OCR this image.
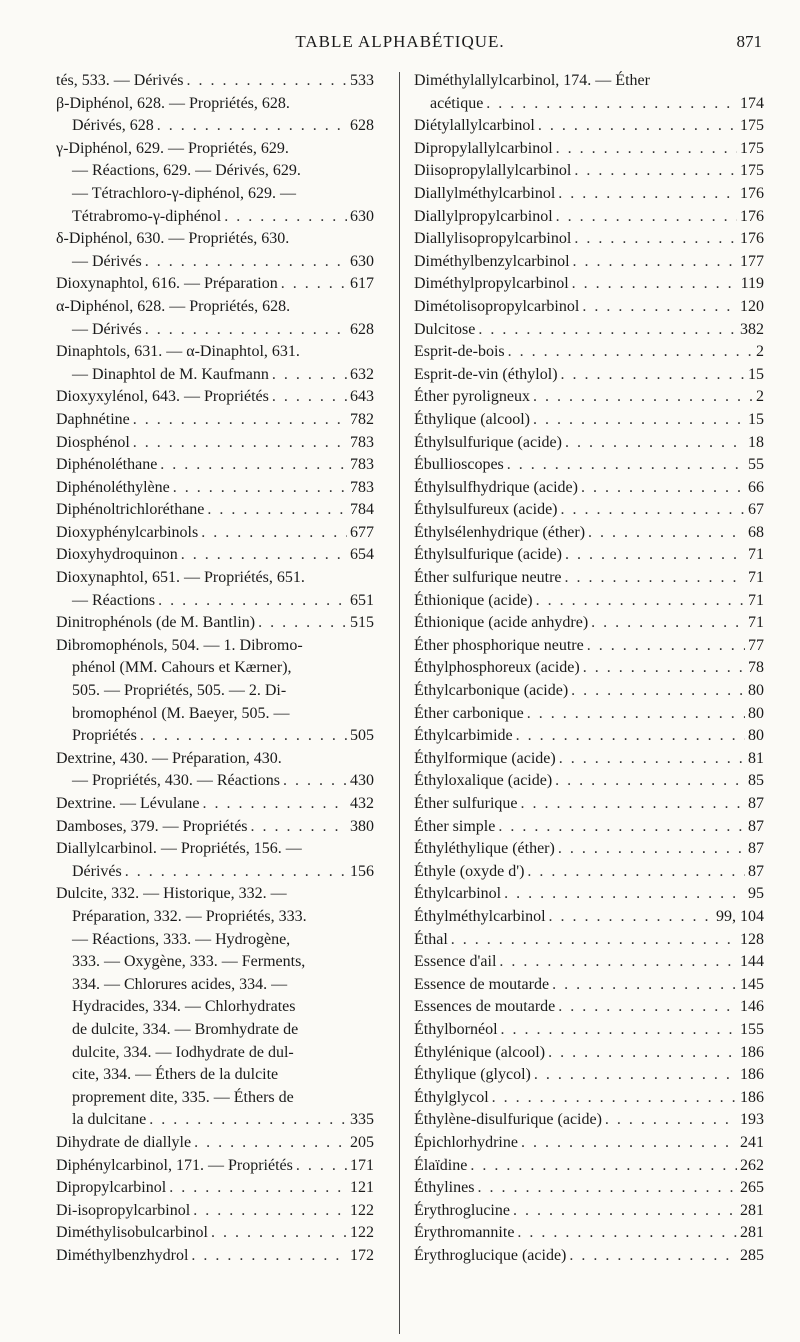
TABLE ALPHABÉTIQUE.	871
tés, 533. — Dérivés . . .	533
β-Diphénol, 628. — Propriétés, 628.
Dérivés, 628 . . .	628
γ-Diphénol, 629. — Propriétés, 629.
— Réactions, 629. — Dérivés, 629.
— Tétrachloro-γ-diphénol, 629. —
Tétrabromo-γ-diphénol . . .	630
δ-Diphénol, 630. — Propriétés, 630.
— Dérivés . . .	630
Dioxynaphtol, 616. — Préparation . . .	617
α-Diphénol, 628. — Propriétés, 628.
— Dérivés . . .	628
Dinaphtols, 631. — α-Dinaphtol, 631.
— Dinaphtol de M. Kaufmann . . .	632
Dioxyxylénol, 643. — Propriétés . . .	643
Daphnétine . . .	782
Diosphénol . . .	783
Diphénoléthane . . .	783
Diphénoléthylène . . .	783
Diphénoltrichloréthane . . .	784
Dioxyphénylcarbinols . . .	677
Dioxyhydroquinon . . .	654
Dioxynaphtol, 651. — Propriétés, 651.
— Réactions . . .	651
Dinitrophénols (de M. Bantlin) . . .	515
Dibromophénols, 504. — 1. Dibromo-
phénol (MM. Cahours et Kærner),
505. — Propriétés, 505. — 2. Di-
bromophénol (M. Baeyer, 505. —
Propriétés . . .	505
Dextrine, 430. — Préparation, 430.
— Propriétés, 430. — Réactions . . .	430
Dextrine. — Lévulane . . .	432
Damboses, 379. — Propriétés . . .	380
Diallylcarbinol. — Propriétés, 156. —
Dérivés . . .	156
Dulcite, 332. — Historique, 332. —
Préparation, 332. — Propriétés, 333.
— Réactions, 333. — Hydrogène,
333. — Oxygène, 333. — Ferments,
334. — Chlorures acides, 334. —
Hydracides, 334. — Chlorhydrates
de dulcite, 334. — Bromhydrate de
dulcite, 334. — Iodhydrate de dul-
cite, 334. — Éthers de la dulcite
proprement dite, 335. — Éthers de
la dulcitane . . .	335
Dihydrate de diallyle . . .	205
Diphénylcarbinol, 171. — Propriétés . . .	171
Dipropylcarbinol . . .	121
Di-isopropylcarbinol . . .	122
Diméthylisobulcarbinol . . .	122
Diméthylbenzhydrol . . .	172
Diméthylallylcarbinol, 174. — Éther
acétique . . .	174
Diétylallylcarbinol . . .	175
Dipropylallylcarbinol . . .	175
Diisopropylallylcarbinol . . .	175
Diallylméthylcarbinol . . .	176
Diallylpropylcarbinol . . .	176
Diallylisopropylcarbinol . . .	176
Diméthylbenzylcarbinol . . .	177
Diméthylpropylcarbinol . . .	119
Dimétolisopropylcarbinol . . .	120
Dulcitose . . .	382
Esprit-de-bois . . .	2
Esprit-de-vin (éthylol) . . .	15
Éther pyroligneux . . .	2
Éthylique (alcool) . . .	15
Éthylsulfurique (acide) . . .	18
Ébullioscopes . . .	55
Éthylsulfhydrique (acide) . . .	66
Éthylsulfureux (acide) . . .	67
Éthylsélenhydrique (éther) . . .	68
Éthylsulfurique (acide) . . .	71
Éther sulfurique neutre . . .	71
Éthionique (acide) . . .	71
Éthionique (acide anhydre) . . .	71
Éther phosphorique neutre . . .	77
Éthylphosphoreux (acide) . . .	78
Éthylcarbonique (acide) . . .	80
Éther carbonique . . .	80
Éthylcarbimide . . .	80
Éthylformique (acide) . . .	81
Éthyloxalique (acide) . . .	85
Éther sulfurique . . .	87
Éther simple . . .	87
Éthyléthylique (éther) . . .	87
Éthyle (oxyde d') . . .	87
Éthylcarbinol . . .	95
Éthylméthylcarbinol . . .	99, 104
Éthal . . .	128
Essence d'ail . . .	144
Essence de moutarde . . .	145
Essences de moutarde . . .	146
Éthylbornéol . . .	155
Éthylénique (alcool) . . .	186
Éthylique (glycol) . . .	186
Éthylglycol . . .	186
Éthylène-disulfurique (acide) . . .	193
Épichlorhydrine . . .	241
Élaïdine . . .	262
Éthylines . . .	265
Érythroglucine . . .	281
Érythromannite . . .	281
Érythroglucique (acide) . . .	285
